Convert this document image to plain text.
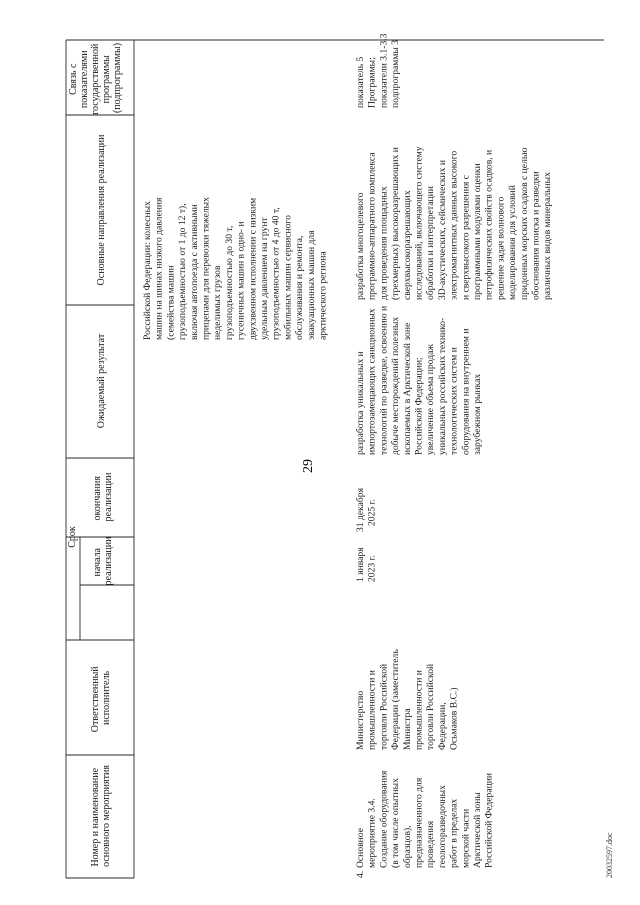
29
Связь с показателями государственной программы (подпрограммы)
Основные направления реализации
Ожидаемый результат
окончания реализации
начала реализации
Срок
Ответственный исполнитель
Номер и наименование основного мероприятия
Российской Федерации: колесных машин на шинах низкого давления (семейства машин грузоподъемностью от 1 до 12 т), включая автопоезда с активными прицепами для перевозки тяжелых неделимых грузов грузоподъемностью до 30 т, гусеничных машин в одно- и двухзвенном исполнении с низким удельным давлением на грунт грузоподъемностью от 4 до 40 т, мобильных машин сервисного обслуживания и ремонта, эвакуационных машин для арктического региона
показатель 5 Программы; показатели 3.1-3.3 подпрограммы 3
разработка многоцелевого программно-аппаратного комплекса для проведения площадных (трехмерных) высокоразрешающих и сверхвысокоразрешающих исследований, включающего систему обработки и интерпретации 3D-акустических, сейсмических и электромагнитных данных высокого и сверхвысокого разрешения с программными модулями оценки петрофизических свойств осадков, и решение задач волнового моделирования для условий придонных морских осадков с целью обоснования поиска и разведки различных видов минеральных
разработка уникальных и импортозамещающих санкционных технологий по разведке, освоению и добыче месторождений полезных ископаемых в Арктической зоне Российской Федерации; увеличение объема продаж уникальных российских технико- технологических систем и оборудования на внутреннем и зарубежном рынках
31 декабря 2025 г.
1 января 2023 г.
Министерство промышленности и торговли Российской Федерации (заместитель Министра промышленности и торговли Российской Федерации, Осьмаков В.С.)
4.
Основное мероприятие 3.4. Создание оборудования (в том числе опытных образцов), предназначенного для проведения геологоразведочных работ в пределах морской части Арктической зоны Российской Федерации	20032597.doc
